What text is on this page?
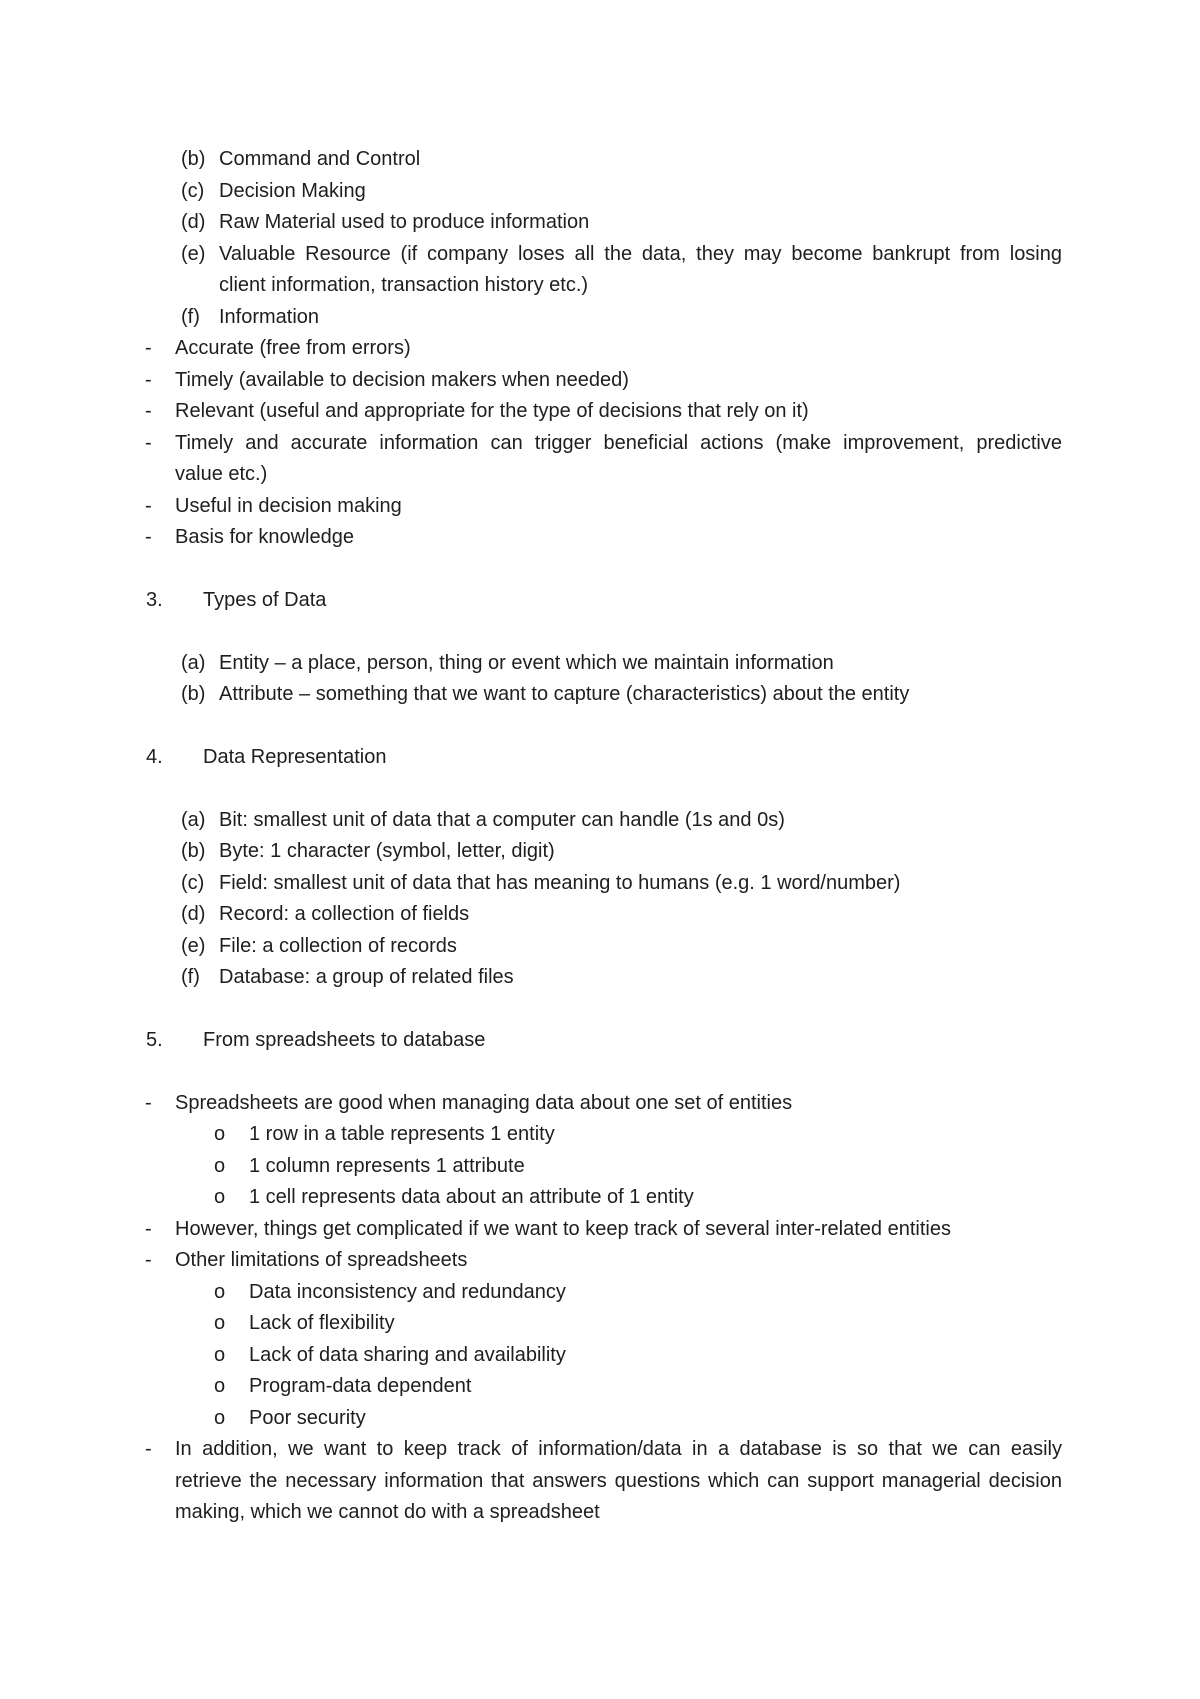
(b) Command and Control
(c) Decision Making
(d) Raw Material used to produce information
(e) Valuable Resource (if company loses all the data, they may become bankrupt from losing
client information, transaction history etc.)
(f) Information
- Accurate (free from errors)
- Timely (available to decision makers when needed)
- Relevant (useful and appropriate for the type of decisions that rely on it)
- Timely and accurate information can trigger beneficial actions (make improvement, predictive
value etc.)
- Useful in decision making
- Basis for knowledge
3. Types of Data
(a) Entity – a place, person, thing or event which we maintain information
(b) Attribute – something that we want to capture (characteristics) about the entity
4. Data Representation
(a) Bit: smallest unit of data that a computer can handle (1s and 0s)
(b) Byte: 1 character (symbol, letter, digit)
(c) Field: smallest unit of data that has meaning to humans (e.g. 1 word/number)
(d) Record: a collection of fields
(e) File: a collection of records
(f) Database: a group of related files
5. From spreadsheets to database
- Spreadsheets are good when managing data about one set of entities
o 1 row in a table represents 1 entity
o 1 column represents 1 attribute
o 1 cell represents data about an attribute of 1 entity
- However, things get complicated if we want to keep track of several inter-related entities
- Other limitations of spreadsheets
o Data inconsistency and redundancy
o Lack of flexibility
o Lack of data sharing and availability
o Program-data dependent
o Poor security
- In addition, we want to keep track of information/data in a database is so that we can easily
retrieve the necessary information that answers questions which can support managerial decision
making, which we cannot do with a spreadsheet
